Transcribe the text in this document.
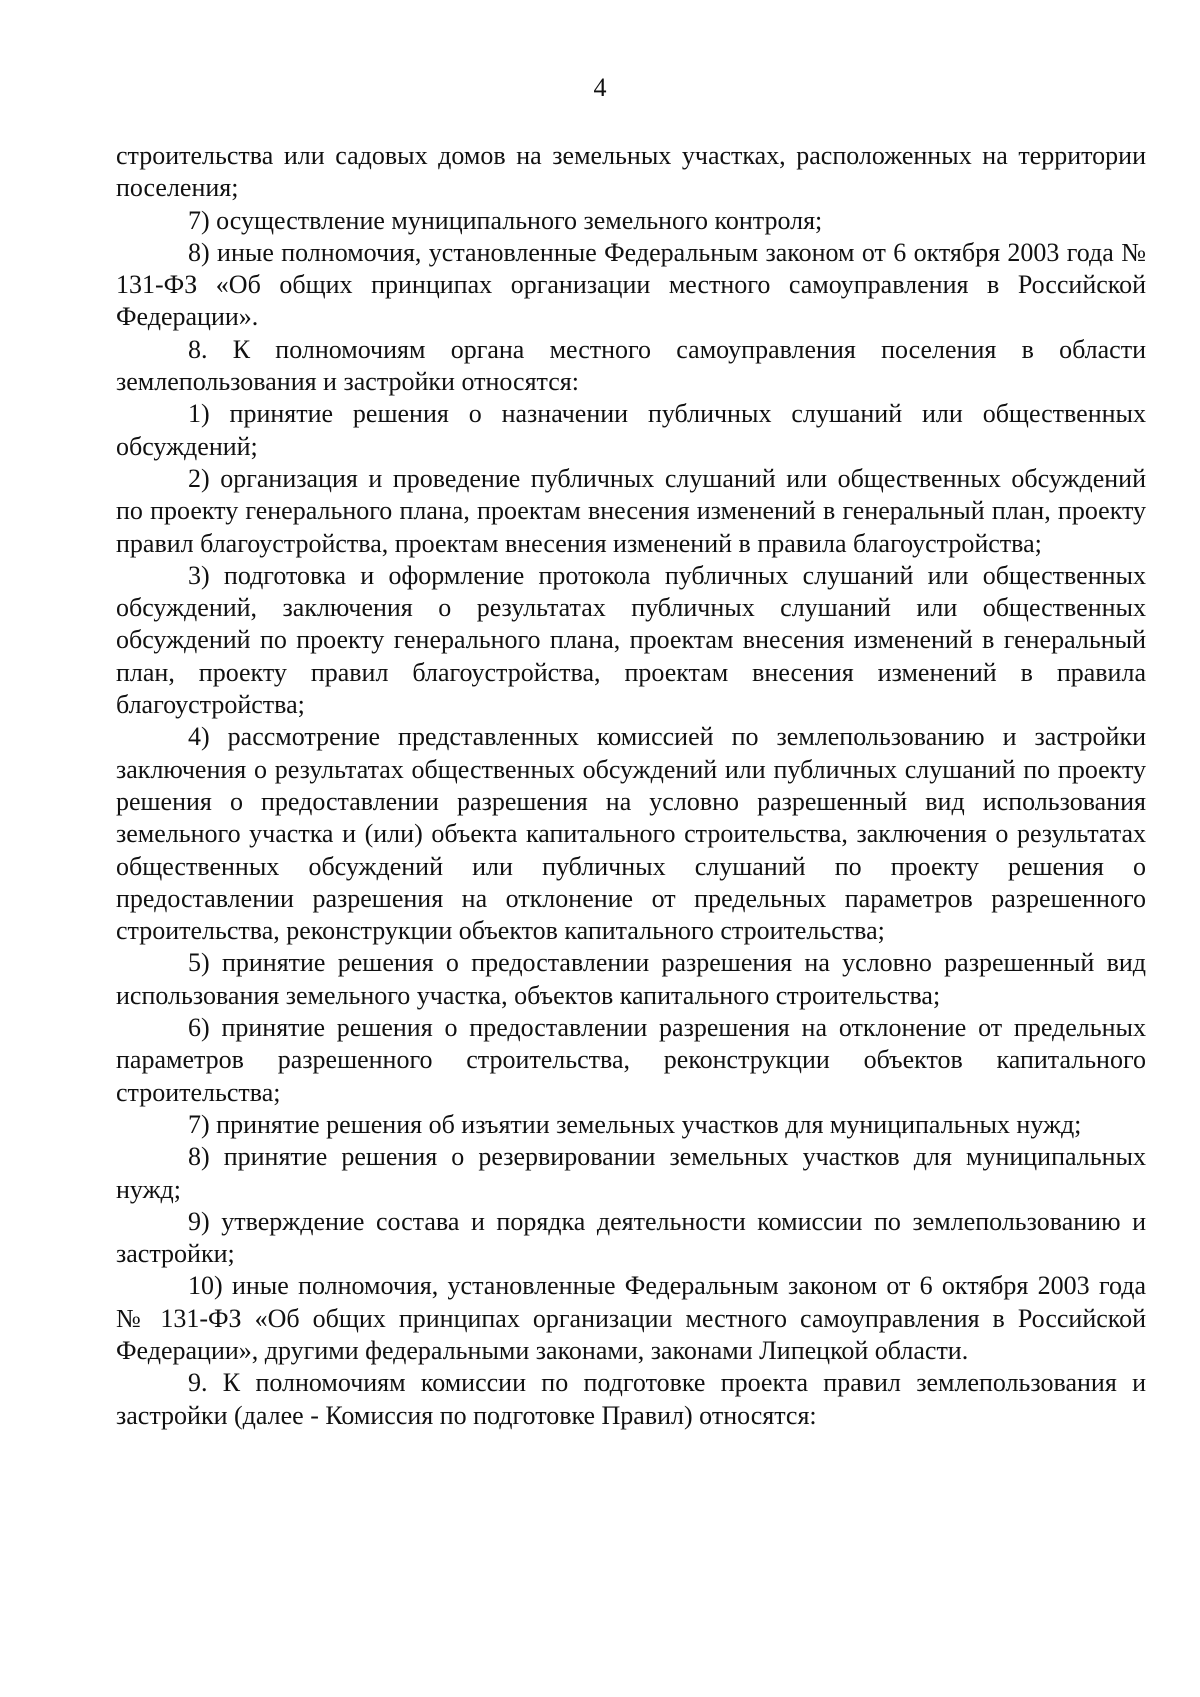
4

строительства или садовых домов на земельных участках, расположенных на территории поселения;

7) осуществление муниципального земельного контроля;

8) иные полномочия, установленные Федеральным законом от 6 октября 2003 года № 131-ФЗ «Об общих принципах организации местного самоуправления в Российской Федерации».

8. К полномочиям органа местного самоуправления поселения в области землепользования и застройки относятся:

1) принятие решения о назначении публичных слушаний или общественных обсуждений;

2) организация и проведение публичных слушаний или общественных обсуждений по проекту генерального плана, проектам внесения изменений в генеральный план, проекту правил благоустройства, проектам внесения изменений в правила благоустройства;

3) подготовка и оформление протокола публичных слушаний или общественных обсуждений, заключения о результатах публичных слушаний или общественных обсуждений по проекту генерального плана, проектам внесения изменений в генеральный план, проекту правил благоустройства, проектам внесения изменений в правила благоустройства;

4) рассмотрение представленных комиссией по землепользованию и застройки заключения о результатах общественных обсуждений или публичных слушаний по проекту решения о предоставлении разрешения на условно разрешенный вид использования земельного участка и (или) объекта капитального строительства, заключения о результатах общественных обсуждений или публичных слушаний по проекту решения о предоставлении разрешения на отклонение от предельных параметров разрешенного строительства, реконструкции объектов капитального строительства;

5) принятие решения о предоставлении разрешения на условно разрешенный вид использования земельного участка, объектов капитального строительства;

6) принятие решения о предоставлении разрешения на отклонение от предельных параметров разрешенного строительства, реконструкции объектов капитального строительства;

7) принятие решения об изъятии земельных участков для муниципальных нужд;

8) принятие решения о резервировании земельных участков для муниципальных нужд;

9) утверждение состава и порядка деятельности комиссии по землепользованию и застройки;

10) иные полномочия, установленные Федеральным законом от 6 октября 2003 года № 131-ФЗ «Об общих принципах организации местного самоуправления в Российской Федерации», другими федеральными законами, законами Липецкой области.

9. К полномочиям комиссии по подготовке проекта правил землепользования и застройки (далее - Комиссия по подготовке Правил) относятся:
